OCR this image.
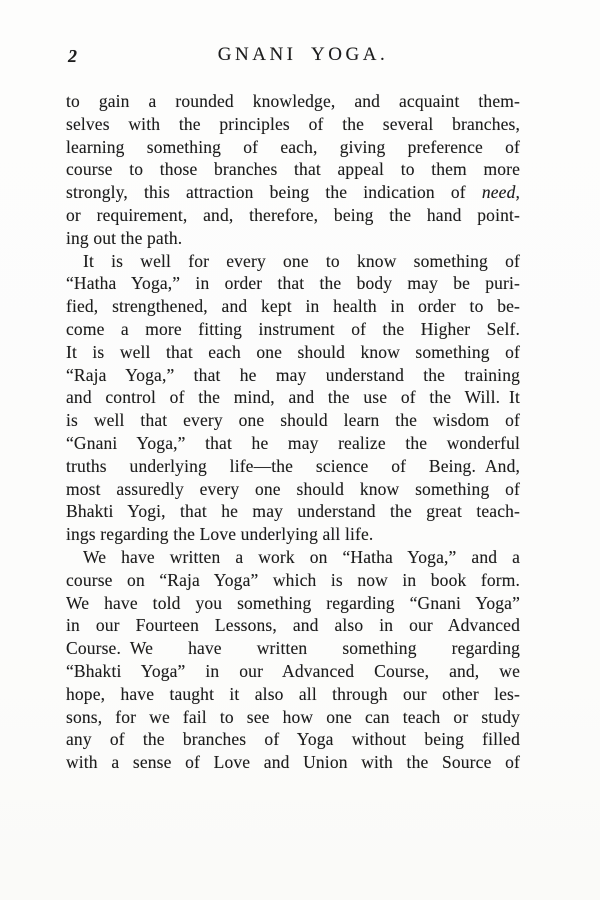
2	GNANI YOGA.
to gain a rounded knowledge, and acquaint them-
selves with the principles of the several branches,
learning something of each, giving preference of
course to those branches that appeal to them more
strongly, this attraction being the indication of need,
or requirement, and, therefore, being the hand point-
ing out the path.
It is well for every one to know something of
“Hatha Yoga,” in order that the body may be puri-
fied, strengthened, and kept in health in order to be-
come a more fitting instrument of the Higher Self.
It is well that each one should know something of
“Raja Yoga,” that he may understand the training
and control of the mind, and the use of the Will. It
is well that every one should learn the wisdom of
“Gnani Yoga,” that he may realize the wonderful
truths underlying life—the science of Being. And,
most assuredly every one should know something of
Bhakti Yogi, that he may understand the great teach-
ings regarding the Love underlying all life.
We have written a work on “Hatha Yoga,” and a
course on “Raja Yoga” which is now in book form.
We have told you something regarding “Gnani Yoga”
in our Fourteen Lessons, and also in our Advanced
Course. We have written something regarding
“Bhakti Yoga” in our Advanced Course, and, we
hope, have taught it also all through our other les-
sons, for we fail to see how one can teach or study
any of the branches of Yoga without being filled
with a sense of Love and Union with the Source of
